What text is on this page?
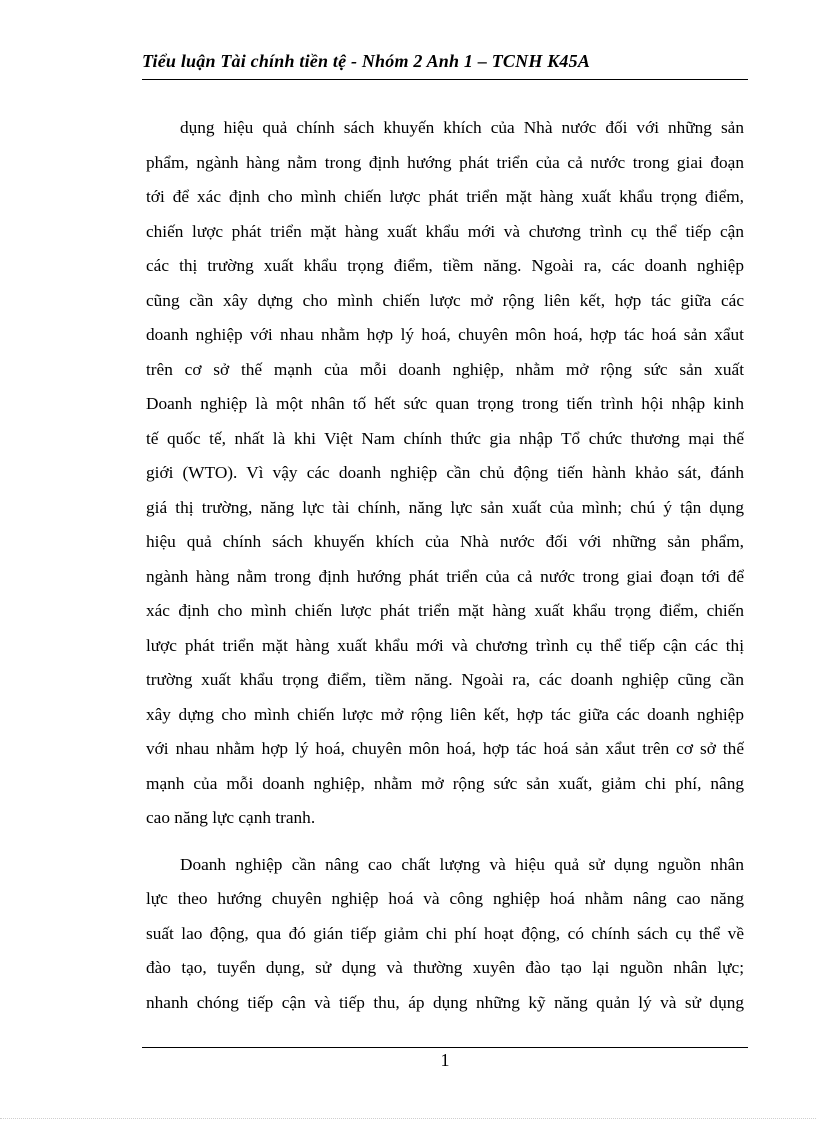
Tiểu luận Tài chính tiền tệ - Nhóm 2 Anh 1 – TCNH K45A
dụng hiệu quả chính sách khuyến khích của Nhà nước đối với những sản
phẩm, ngành hàng nằm trong định hướng phát triển của cả nước trong giai đoạn
tới để xác định cho mình chiến lược phát triển mặt hàng xuất khẩu trọng điểm,
chiến lược phát triển mặt hàng xuất khẩu mới và chương trình cụ thể tiếp cận
các thị trường xuất khẩu trọng điểm, tiềm năng. Ngoài ra, các doanh nghiệp
cũng cần xây dựng cho mình chiến lược mở rộng liên kết, hợp tác giữa các
doanh nghiệp với nhau nhằm hợp lý hoá, chuyên môn hoá, hợp tác hoá sản xẩut
trên cơ sở thế mạnh của mỗi doanh nghiệp, nhằm mở rộng sức sản xuất
Doanh nghiệp là một nhân tố hết sức quan trọng trong tiến trình hội nhập kinh
tế quốc tế, nhất là khi Việt Nam chính thức gia nhập Tổ chức thương mại thế
giới (WTO). Vì vậy các doanh nghiệp cần chủ động tiến hành khảo sát, đánh
giá thị trường, năng lực tài chính, năng lực sản xuất của mình; chú ý tận dụng
hiệu quả chính sách khuyến khích của Nhà nước đối với những sản phẩm,
ngành hàng nằm trong định hướng phát triển của cả nước trong giai đoạn tới để
xác định cho mình chiến lược phát triển mặt hàng xuất khẩu trọng điểm, chiến
lược phát triển mặt hàng xuất khẩu mới và chương trình cụ thể tiếp cận các thị
trường xuất khẩu trọng điểm, tiềm năng. Ngoài ra, các doanh nghiệp cũng cần
xây dựng cho mình chiến lược mở rộng liên kết, hợp tác giữa các doanh nghiệp
với nhau nhằm hợp lý hoá, chuyên môn hoá, hợp tác hoá sản xẩut trên cơ sở thế
mạnh của mỗi doanh nghiệp, nhằm mở rộng sức sản xuất, giảm chi phí, nâng
cao năng lực cạnh tranh.
Doanh nghiệp cần nâng cao chất lượng và hiệu quả sử dụng nguồn nhân
lực theo hướng chuyên nghiệp hoá và công nghiệp hoá nhằm nâng cao năng
suất lao động, qua đó gián tiếp giảm chi phí hoạt động, có chính sách cụ thể về
đào tạo, tuyển dụng, sử dụng và thường xuyên đào tạo lại nguồn nhân lực;
nhanh chóng tiếp cận và tiếp thu, áp dụng những kỹ năng quản lý và sử dụng
1
